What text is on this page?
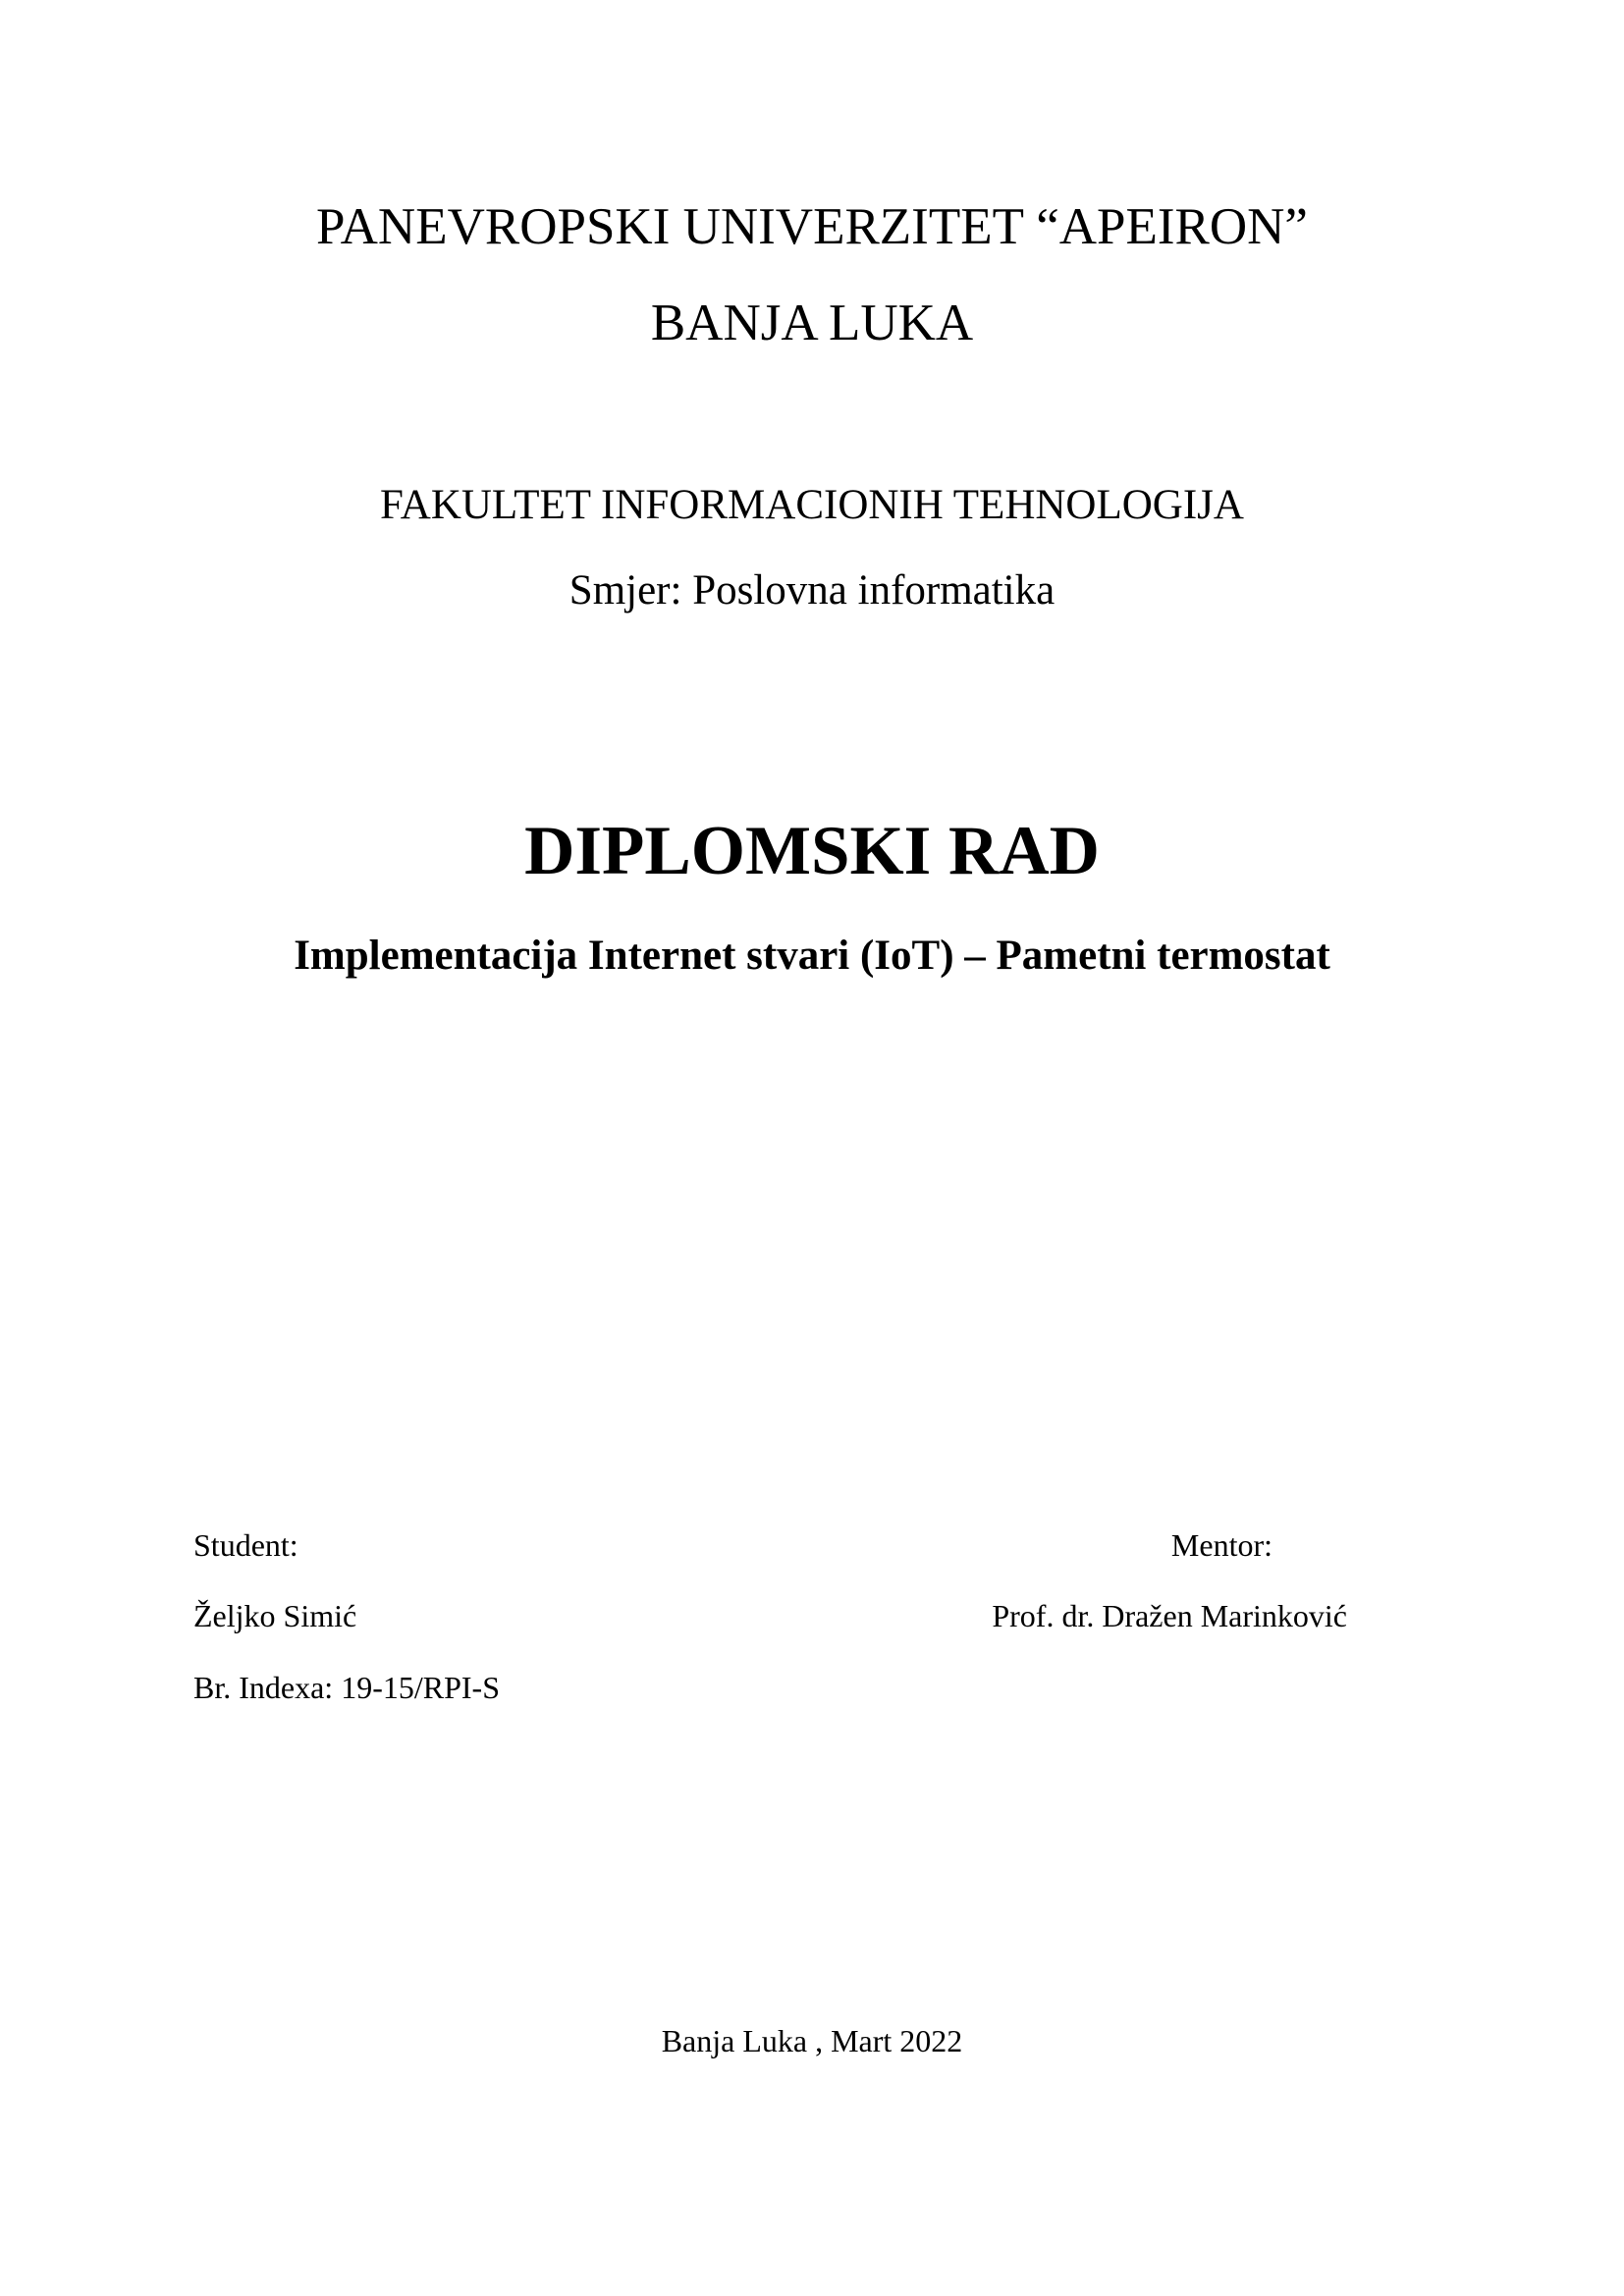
PANEVROPSKI UNIVERZITET “APEIRON”
BANJA LUKA
FAKULTET INFORMACIONIH TEHNOLOGIJA
Smjer: Poslovna informatika
DIPLOMSKI RAD
Implementacija Internet stvari (IoT) – Pametni termostat
Student:
Željko Simić
Br. Indexa: 19-15/RPI-S
Mentor:
Prof. dr. Dražen Marinković
Banja Luka , Mart 2022
